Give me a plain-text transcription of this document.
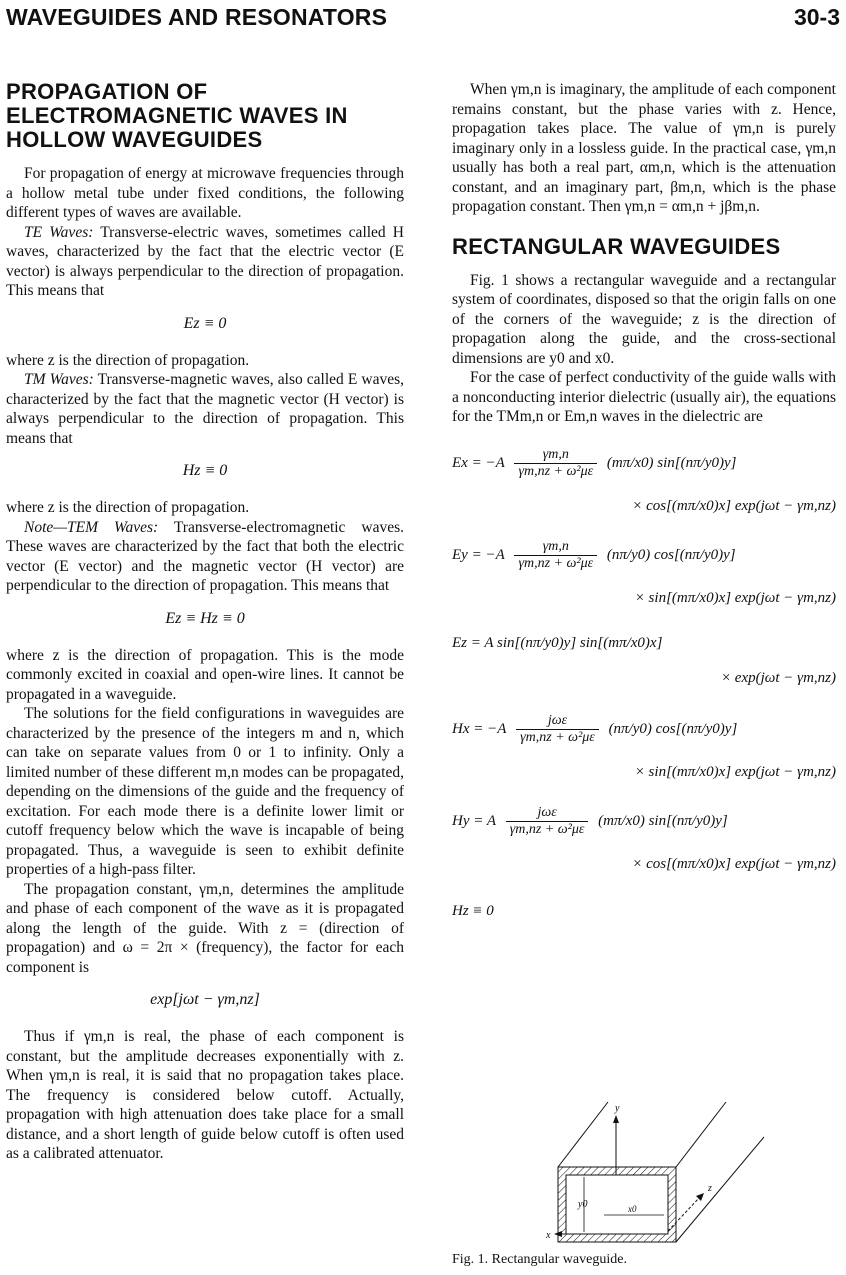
WAVEGUIDES AND RESONATORS	30-3
PROPAGATION OF ELECTROMAGNETIC WAVES IN HOLLOW WAVEGUIDES

For propagation of energy at microwave frequencies through a hollow metal tube under fixed conditions, the following different types of waves are available.

TE Waves: Transverse-electric waves, sometimes called H waves, characterized by the fact that the electric vector (E vector) is always perpendicular to the direction of propagation. This means that

Ez ≡ 0

where z is the direction of propagation.

TM Waves: Transverse-magnetic waves, also called E waves, characterized by the fact that the magnetic vector (H vector) is always perpendicular to the direction of propagation. This means that

Hz ≡ 0

where z is the direction of propagation.

Note—TEM Waves: Transverse-electromagnetic waves. These waves are characterized by the fact that both the electric vector (E vector) and the magnetic vector (H vector) are perpendicular to the direction of propagation. This means that

Ez ≡ Hz ≡ 0

where z is the direction of propagation. This is the mode commonly excited in coaxial and open-wire lines. It cannot be propagated in a waveguide.

The solutions for the field configurations in waveguides are characterized by the presence of the integers m and n, which can take on separate values from 0 or 1 to infinity. Only a limited number of these different m,n modes can be propagated, depending on the dimensions of the guide and the frequency of excitation. For each mode there is a definite lower limit or cutoff frequency below which the wave is incapable of being propagated. Thus, a waveguide is seen to exhibit definite properties of a high-pass filter.

The propagation constant, γm,n, determines the amplitude and phase of each component of the wave as it is propagated along the length of the guide. With z = (direction of propagation) and ω = 2π × (frequency), the factor for each component is

exp[jωt − γm,nz]

Thus if γm,n is real, the phase of each component is constant, but the amplitude decreases exponentially with z. When γm,n is real, it is said that no propagation takes place. The frequency is considered below cutoff. Actually, propagation with high attenuation does take place for a small distance, and a short length of guide below cutoff is often used as a calibrated attenuator.

When γm,n is imaginary, the amplitude of each component remains constant, but the phase varies with z. Hence, propagation takes place. The value of γm,n is purely imaginary only in a lossless guide. In the practical case, γm,n usually has both a real part, αm,n, which is the attenuation constant, and an imaginary part, βm,n, which is the phase propagation constant. Then γm,n = αm,n + jβm,n.

RECTANGULAR WAVEGUIDES

Fig. 1 shows a rectangular waveguide and a rectangular system of coordinates, disposed so that the origin falls on one of the corners of the waveguide; z is the direction of propagation along the guide, and the cross-sectional dimensions are y0 and x0.

For the case of perfect conductivity of the guide walls with a nonconducting interior dielectric (usually air), the equations for the TMm,n or Em,n waves in the dielectric are

$Ex = -A \frac{\gamma m,n}{\text{γm,nz + ω²με}} (m\pi/x0)$ sin[(nπ/y0)y]
× cos[(mπ/x0)x] exp(jωt − γm,nz)
$Ey = -A \frac{\gamma m,n}{\text{γm,nz + ω²με}} (n\pi/y0)$ cos[(nπ/y0)y]
× sin[(mπ/x0)x] exp(jωt − γm,nz)
Ez = A sin[(nπ/y0)y] sin[(mπ/x0)x]
× exp(jωt − γm,nz)
$Hx = -A \frac{\text{jωε}}{\text{γm,nz + ω²με}} (n\pi/y0)$ cos[(nπ/y0)y]
× sin[(mπ/x0)x] exp(jωt − γm,nz)
Hy = A $\frac{\text{jωε}}{\text{γm,nz + ω²με}} (m\pi/x0)$ sin[(nπ/y0)y]
× cos[(mπ/x0)x] exp(jωt − γm,nz)
Hz ≡ 0
y
y0	x0
x
z
Fig. 1. Rectangular waveguide.
